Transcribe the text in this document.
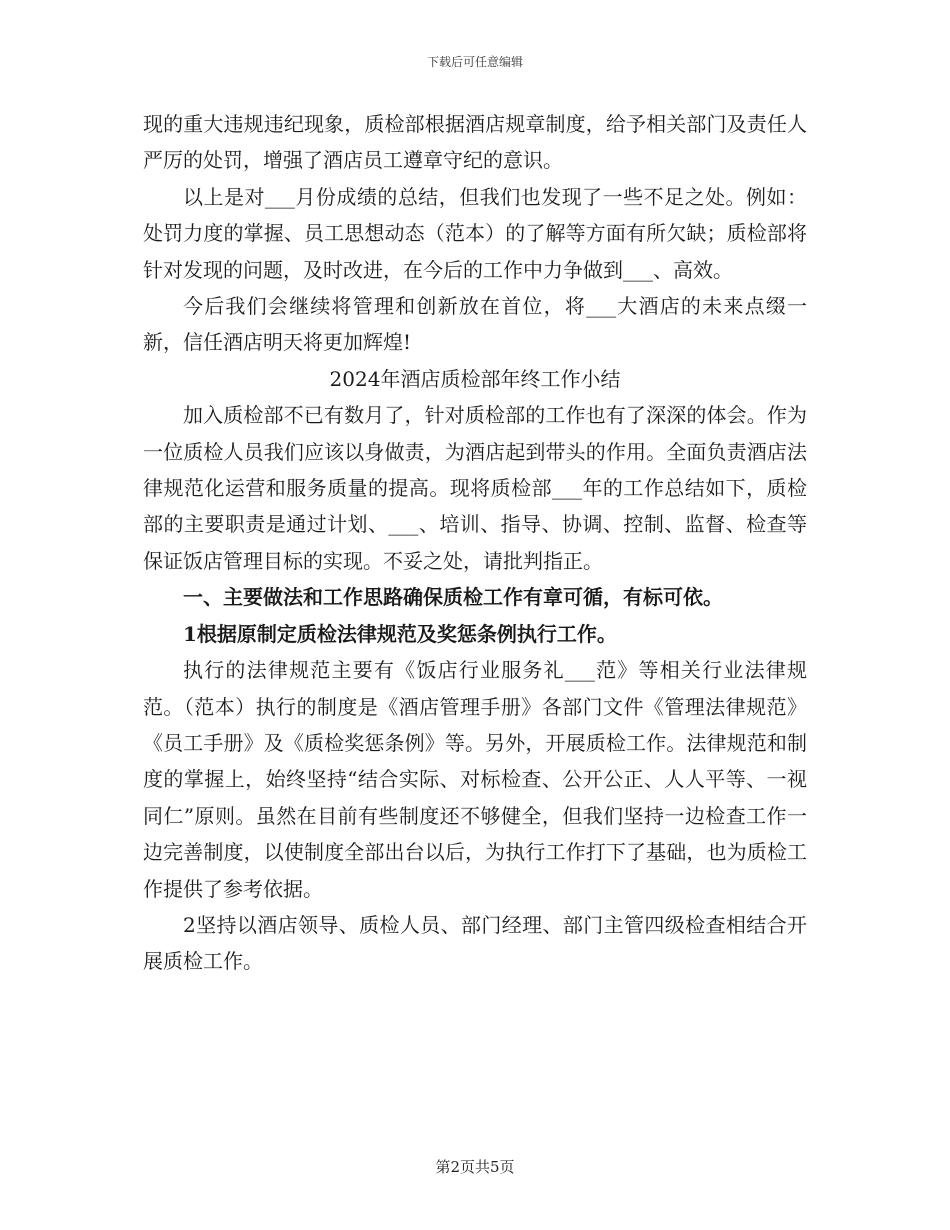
下载后可任意编辑

现的重大违规违纪现象，质检部根据酒店规章制度，给予相关部门及责任人严厉的处罚，增强了酒店员工遵章守纪的意识。

以上是对___月份成绩的总结，但我们也发现了一些不足之处。例如：处罚力度的掌握、员工思想动态（范本）的了解等方面有所欠缺；质检部将针对发现的问题，及时改进，在今后的工作中力争做到___、高效。

今后我们会继续将管理和创新放在首位，将___大酒店的未来点缀一新，信任酒店明天将更加辉煌!

2024年酒店质检部年终工作小结

加入质检部不已有数月了，针对质检部的工作也有了深深的体会。作为一位质检人员我们应该以身做责，为酒店起到带头的作用。全面负责酒店法律规范化运营和服务质量的提高。现将质检部___年的工作总结如下，质检部的主要职责是通过计划、___、培训、指导、协调、控制、监督、检查等保证饭店管理目标的实现。不妥之处，请批判指正。

一、主要做法和工作思路确保质检工作有章可循，有标可依。

1根据原制定质检法律规范及奖惩条例执行工作。

执行的法律规范主要有《饭店行业服务礼___范》等相关行业法律规范。（范本）执行的制度是《酒店管理手册》各部门文件《管理法律规范》《员工手册》及《质检奖惩条例》等。另外，开展质检工作。法律规范和制度的掌握上，始终坚持“结合实际、对标检查、公开公正、人人平等、一视同仁”原则。虽然在目前有些制度还不够健全，但我们坚持一边检查工作一边完善制度，以使制度全部出台以后，为执行工作打下了基础，也为质检工作提供了参考依据。

2坚持以酒店领导、质检人员、部门经理、部门主管四级检查相结合开展质检工作。

第2页共5页
